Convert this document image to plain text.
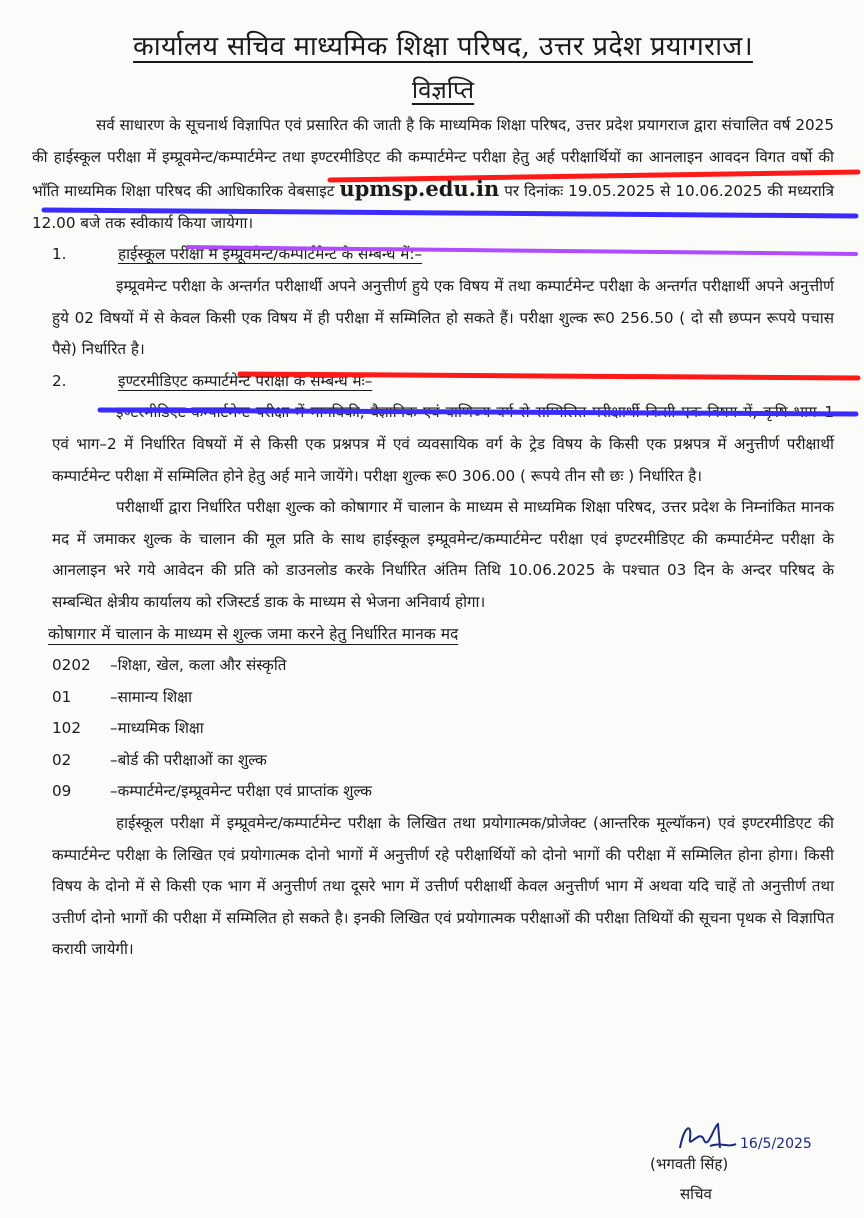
कार्यालय सचिव माध्यमिक शिक्षा परिषद, उत्तर प्रदेश प्रयागराज।
विज्ञप्ति

सर्व साधारण के सूचनार्थ विज्ञापित एवं प्रसारित की जाती है कि माध्यमिक शिक्षा परिषद, उत्तर प्रदेश प्रयागराज द्वारा संचालित वर्ष 2025 की हाईस्कूल परीक्षा में इम्प्रूवमेन्ट/कम्पार्टमेन्ट तथा इण्टरमीडिएट की कम्पार्टमेन्ट परीक्षा हेतु अर्ह परीक्षार्थियों का आनलाइन आवदन विगत वर्षो की भाँति माध्यमिक शिक्षा परिषद की आधिकारिक वेबसाइट upmsp.edu.in पर दिनांकः 19.05.2025 से 10.06.2025 की मध्यरात्रि 12.00 बजे तक स्वीकार्य किया जायेगा।

1.	हाईस्कूल परीक्षा में इम्प्रूवमेन्ट/कम्पार्टमेन्ट के सम्बन्ध में:–

इम्प्रूवमेन्ट परीक्षा के अन्तर्गत परीक्षार्थी अपने अनुत्तीर्ण हुये एक विषय में तथा कम्पार्टमेन्ट परीक्षा के अन्तर्गत परीक्षार्थी अपने अनुत्तीर्ण हुये 02 विषयों में से केवल किसी एक विषय में ही परीक्षा में सम्मिलित हो सकते हैं। परीक्षा शुल्क रू0 256.50 ( दो सौ छप्पन रूपये पचास पैसे) निर्धारित है।

2.	इण्टरमीडिएट कम्पार्टमेन्ट परीक्षा के सम्बन्ध मेः–

इण्टरमीडिएट कम्पार्टमेन्ट परीक्षा में मानविकी, वैज्ञानिक एवं वाणिज्य वर्ग से सम्मिलित परीक्षार्थी किसी एक विषय में, कृषि भाग–1 एवं भाग–2 में निर्धारित विषयों में से किसी एक प्रश्नपत्र में एवं व्यवसायिक वर्ग के ट्रेड विषय के किसी एक प्रश्नपत्र में अनुत्तीर्ण परीक्षार्थी कम्पार्टमेन्ट परीक्षा में सम्मिलित होने हेतु अर्ह माने जायेंगे। परीक्षा शुल्क रू0 306.00 ( रूपये तीन सौ छः ) निर्धारित है।

परीक्षार्थी द्वारा निर्धारित परीक्षा शुल्क को कोषागार में चालान के माध्यम से माध्यमिक शिक्षा परिषद, उत्तर प्रदेश के निम्नांकित मानक मद में जमाकर शुल्क के चालान की मूल प्रति के साथ हाईस्कूल इम्प्रूवमेन्ट/कम्पार्टमेन्ट परीक्षा एवं इण्टरमीडिएट की कम्पार्टमेन्ट परीक्षा के आनलाइन भरे गये आवेदन की प्रति को डाउनलोड करके निर्धारित अंतिम तिथि 10.06.2025 के पश्चात 03 दिन के अन्दर परिषद के सम्बन्धित क्षेत्रीय कार्यालय को रजिस्टर्ड डाक के माध्यम से भेजना अनिवार्य होगा।

कोषागार में चालान के माध्यम से शुल्क जमा करने हेतु निर्धारित मानक मद
0202	–शिक्षा, खेल, कला और संस्कृति
01	–सामान्य शिक्षा
102	–माध्यमिक शिक्षा
02	–बोर्ड की परीक्षाओं का शुल्क
09	–कम्पार्टमेन्ट/इम्प्रूवमेन्ट परीक्षा एवं प्राप्तांक शुल्क

हाईस्कूल परीक्षा में इम्प्रूवमेन्ट/कम्पार्टमेन्ट परीक्षा के लिखित तथा प्रयोगात्मक/प्रोजेक्ट (आन्तरिक मूल्यॉकन) एवं इण्टरमीडिएट की कम्पार्टमेन्ट परीक्षा के लिखित एवं प्रयोगात्मक दोनो भागों में अनुत्तीर्ण रहे परीक्षार्थियों को दोनो भागों की परीक्षा में सम्मिलित होना होगा। किसी विषय के दोनो में से किसी एक भाग में अनुत्तीर्ण तथा दूसरे भाग में उत्तीर्ण परीक्षार्थी केवल अनुत्तीर्ण भाग में अथवा यदि चाहें तो अनुत्तीर्ण तथा उत्तीर्ण दोनो भागों की परीक्षा में सम्मिलित हो सकते है। इनकी लिखित एवं प्रयोगात्मक परीक्षाओं की परीक्षा तिथियों की सूचना पृथक से विज्ञापित करायी जायेगी।

16/5/2025
(भगवती सिंह)
सचिव
